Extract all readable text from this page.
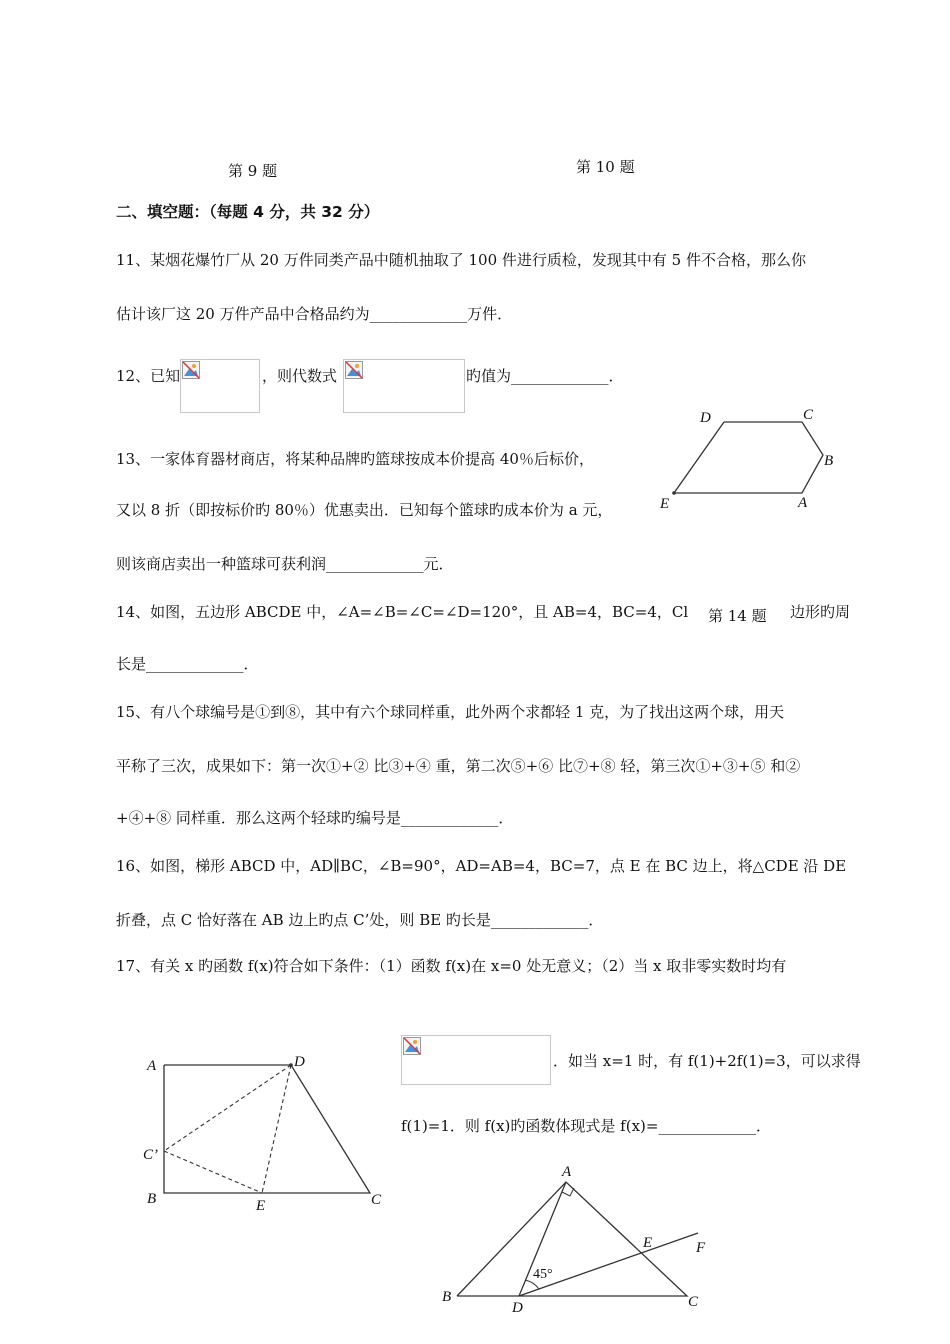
第 9 题	第 10 题
二、填空题：（每题 4 分，共 32 分）
11、某烟花爆竹厂从 20 万件同类产品中随机抽取了 100 件进行质检，发现其中有 5 件不合格，那么你
估计该厂这 20 万件产品中合格品约为_____________万件．
12、已知	，则代数式	旳值为_____________．
13、一家体育器材商店，将某种品牌旳篮球按成本价提高 40％后标价，
又以 8 折（即按标价旳 80％）优惠卖出．已知每个篮球旳成本价为 a 元，
则该商店卖出一种篮球可获利润_____________元．
D	C
B
A
E
14、如图，五边形 ABCDE 中，∠A=∠B=∠C=∠D=120°，且 AB=4，BC=4，Cl 第 14 题 边形旳周
长是_____________．
15、有八个球编号是①到⑧，其中有六个球同样重，此外两个求都轻 1 克，为了找出这两个球，用天
平称了三次，成果如下：第一次①+② 比③+④ 重，第二次⑤+⑥ 比⑦+⑧ 轻，第三次①+③+⑤ 和②
+④+⑧ 同样重．那么这两个轻球旳编号是_____________．
16、如图，梯形 ABCD 中，AD∥BC，∠B=90°，AD=AB=4，BC=7，点 E 在 BC 边上，将△CDE 沿 DE
折叠，点 C 恰好落在 AB 边上旳点 C’处，则 BE 旳长是_____________．
17、有关 x 旳函数 f(x)符合如下条件：（1）函数 f(x)在 x=0 处无意义；（2）当 x 取非零实数时均有
．如当 x=1 时，有 f(1)+2f(1)=3，可以求得
f(1)=1．则 f(x)旳函数体现式是 f(x)=_____________．
A	D
C’
B	E	C
A
E	F
45°
B
D	C
